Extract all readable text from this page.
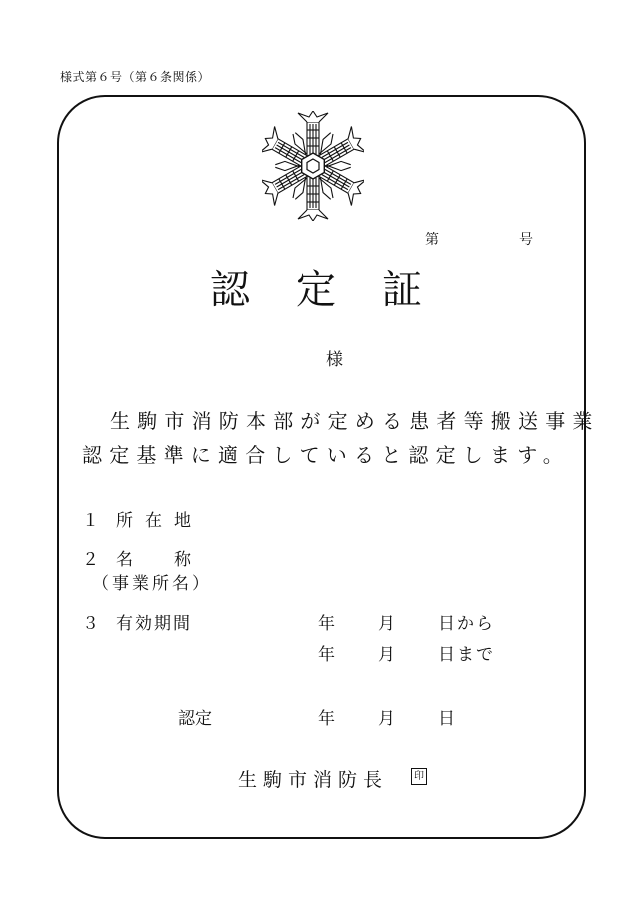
様式第６号（第６条関係）
第	号
認定証
様
生駒市消防本部が定める患者等搬送事業
認定基準に適合していると認定します。
１ 所在地
２ 名　称
（事業所名）
３ 有効期間	年	月	日から
年	月	日まで
認定	年	月	日
生駒市消防長	印
